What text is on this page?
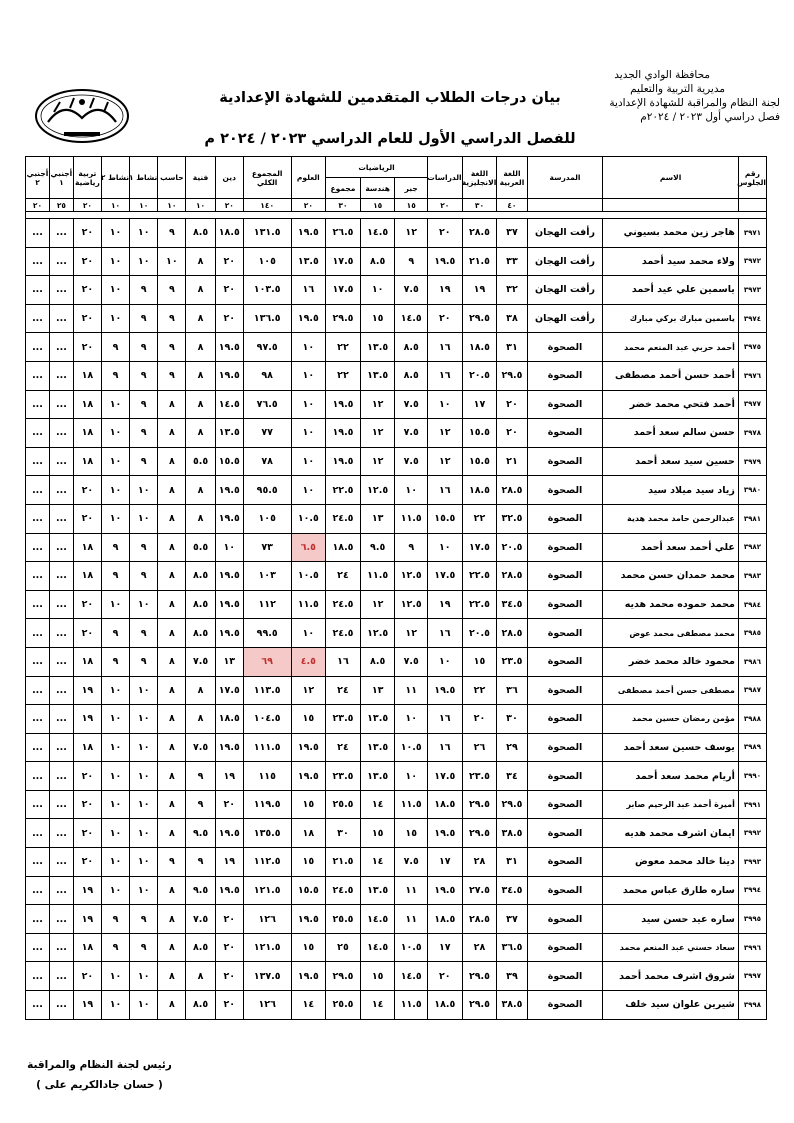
محافظة الوادي الجديد
مديرية التربية والتعليم
لجنة النظام والمراقبة للشهادة الإعدادية
فصل دراسي أول ٢٠٢٣ / ٢٠٢٤م
بيان درجات الطلاب المتقدمين للشهادة الإعدادية
للفصل الدراسي الأول للعام الدراسي ٢٠٢٣ / ٢٠٢٤ م
رقم الجلوس	الاسم	المدرسة	اللغة العربية	اللغة الانجليزية	الدراسات	الرياضيات			العلوم	المجموع الكلي	دين	فنية	حاسب	نشاط ١	نشاط ٢	تربية رياضية	أجنبي ١	أجنبي ٢
						جبر	هندسة	مجموع										
			٤٠	٣٠	٢٠	١٥	١٥	٣٠	٢٠	١٤٠	٢٠	١٠	١٠	١٠	١٠	٢٠	٢٥	٢٠

٣٩٧١	هاجر زين محمد بسيوني	رأفت الهجان	٣٧	٢٨.٥	٢٠	١٢	١٤.٥	٢٦.٥	١٩.٥	١٣١.٥	١٨.٥	٨.٥	٩	١٠	١٠	٢٠	...	...
٣٩٧٢	ولاء محمد سيد أحمد	رأفت الهجان	٣٣	٢١.٥	١٩.٥	٩	٨.٥	١٧.٥	١٣.٥	١٠٥	٢٠	٨	١٠	١٠	١٠	٢٠	...	...
٣٩٧٣	ياسمين علي عيد أحمد	رأفت الهجان	٣٢	١٩	١٩	٧.٥	١٠	١٧.٥	١٦	١٠٣.٥	٢٠	٨	٩	٩	١٠	٢٠	...	...
٣٩٧٤	ياسمين مبارك بركي مبارك	رأفت الهجان	٣٨	٢٩.٥	٢٠	١٤.٥	١٥	٢٩.٥	١٩.٥	١٣٦.٥	٢٠	٨	٩	٩	١٠	٢٠	...	...
٣٩٧٥	أحمد حربي عبد المنعم محمد	الصحوة	٣١	١٨.٥	١٦	٨.٥	١٣.٥	٢٢	١٠	٩٧.٥	١٩.٥	٨	٩	٩	٩	٢٠	...	...
٣٩٧٦	أحمد حسن أحمد مصطفى	الصحوة	٢٩.٥	٢٠.٥	١٦	٨.٥	١٣.٥	٢٢	١٠	٩٨	١٩.٥	٨	٩	٩	٩	١٨	...	...
٣٩٧٧	أحمد فتحي محمد خضر	الصحوة	٢٠	١٧	١٠	٧.٥	١٢	١٩.٥	١٠	٧٦.٥	١٤.٥	٨	٨	٩	١٠	١٨	...	...
٣٩٧٨	حسن سالم سعد أحمد	الصحوة	٢٠	١٥.٥	١٢	٧.٥	١٢	١٩.٥	١٠	٧٧	١٣.٥	٨	٨	٩	١٠	١٨	...	...
٣٩٧٩	حسين سيد سعد أحمد	الصحوة	٢١	١٥.٥	١٢	٧.٥	١٢	١٩.٥	١٠	٧٨	١٥.٥	٥.٥	٨	٩	١٠	١٨	...	...
٣٩٨٠	زياد سيد ميلاد سيد	الصحوة	٢٨.٥	١٨.٥	١٦	١٠	١٢.٥	٢٢.٥	١٠	٩٥.٥	١٩.٥	٨	٨	١٠	١٠	٢٠	...	...
٣٩٨١	عبدالرحمن حامد محمد هدية	الصحوة	٣٢.٥	٢٢	١٥.٥	١١.٥	١٣	٢٤.٥	١٠.٥	١٠٥	١٩.٥	٨	٨	١٠	١٠	٢٠	...	...
٣٩٨٢	علي أحمد سعد أحمد	الصحوة	٢٠.٥	١٧.٥	١٠	٩	٩.٥	١٨.٥	٦.٥	٧٣	١٠	٥.٥	٨	٩	٩	١٨	...	...
٣٩٨٣	محمد حمدان حسن محمد	الصحوة	٢٨.٥	٢٢.٥	١٧.٥	١٢.٥	١١.٥	٢٤	١٠.٥	١٠٣	١٩.٥	٨.٥	٨	٩	٩	١٨	...	...
٣٩٨٤	محمد حموده محمد هديه	الصحوة	٣٤.٥	٢٢.٥	١٩	١٢.٥	١٢	٢٤.٥	١١.٥	١١٢	١٩.٥	٨.٥	٨	١٠	١٠	٢٠	...	...
٣٩٨٥	محمد مصطفى محمد عوض	الصحوة	٢٨.٥	٢٠.٥	١٦	١٢	١٢.٥	٢٤.٥	١٠	٩٩.٥	١٩.٥	٨.٥	٨	٩	٩	٢٠	...	...
٣٩٨٦	محمود خالد محمد خضر	الصحوة	٢٣.٥	١٥	١٠	٧.٥	٨.٥	١٦	٤.٥	٦٩	١٣	٧.٥	٨	٩	٩	١٨	...	...
٣٩٨٧	مصطفى حسن أحمد مصطفى	الصحوة	٣٦	٢٢	١٩.٥	١١	١٣	٢٤	١٢	١١٣.٥	١٧.٥	٨	٨	١٠	١٠	١٩	...	...
٣٩٨٨	مؤمن رمضان حسين محمد	الصحوة	٣٠	٢٠	١٦	١٠	١٣.٥	٢٣.٥	١٥	١٠٤.٥	١٨.٥	٨	٨	١٠	١٠	١٩	...	...
٣٩٨٩	يوسف حسين سعد أحمد	الصحوة	٢٩	٢٦	١٦	١٠.٥	١٣.٥	٢٤	١٩.٥	١١١.٥	١٩.٥	٧.٥	٨	١٠	١٠	١٨	...	...
٣٩٩٠	أريام محمد سعد أحمد	الصحوة	٣٤	٢٣.٥	١٧.٥	١٠	١٣.٥	٢٣.٥	١٩.٥	١١٥	١٩	٩	٨	١٠	١٠	٢٠	...	...
٣٩٩١	أميرة أحمد عبد الرحيم صابر	الصحوة	٢٩.٥	٢٩.٥	١٨.٥	١١.٥	١٤	٢٥.٥	١٥	١١٩.٥	٢٠	٩	٨	١٠	١٠	٢٠	...	...
٣٩٩٢	ايمان اشرف محمد هديه	الصحوة	٣٨.٥	٢٩.٥	١٩.٥	١٥	١٥	٣٠	١٨	١٣٥.٥	١٩.٥	٩.٥	٨	١٠	١٠	٢٠	...	...
٣٩٩٣	دينا خالد محمد معوض	الصحوة	٣١	٢٨	١٧	٧.٥	١٤	٢١.٥	١٥	١١٢.٥	١٩	٩	٩	١٠	١٠	٢٠	...	...
٣٩٩٤	ساره طارق عباس محمد	الصحوة	٣٤.٥	٢٧.٥	١٩.٥	١١	١٣.٥	٢٤.٥	١٥.٥	١٢١.٥	١٩.٥	٩.٥	٨	١٠	١٠	١٩	...	...
٣٩٩٥	ساره عيد حسن سيد	الصحوة	٣٧	٢٨.٥	١٨.٥	١١	١٤.٥	٢٥.٥	١٩.٥	١٢٦	٢٠	٧.٥	٨	٩	٩	١٩	...	...
٣٩٩٦	سعاد حسني عبد المنعم محمد	الصحوة	٣٦.٥	٢٨	١٧	١٠.٥	١٤.٥	٢٥	١٥	١٢١.٥	٢٠	٨.٥	٨	٩	٩	١٨	...	...
٣٩٩٧	شروق اشرف محمد أحمد	الصحوة	٣٩	٢٩.٥	٢٠	١٤.٥	١٥	٢٩.٥	١٩.٥	١٣٧.٥	٢٠	٨	٨	١٠	١٠	٢٠	...	...
٣٩٩٨	شيرين علوان سيد خلف	الصحوة	٣٨.٥	٢٩.٥	١٨.٥	١١.٥	١٤	٢٥.٥	١٤	١٢٦	٢٠	٨.٥	٨	١٠	١٠	١٩	...	...
رئيس لجنة النظام والمراقبة
( حسان جادالكريم على )
